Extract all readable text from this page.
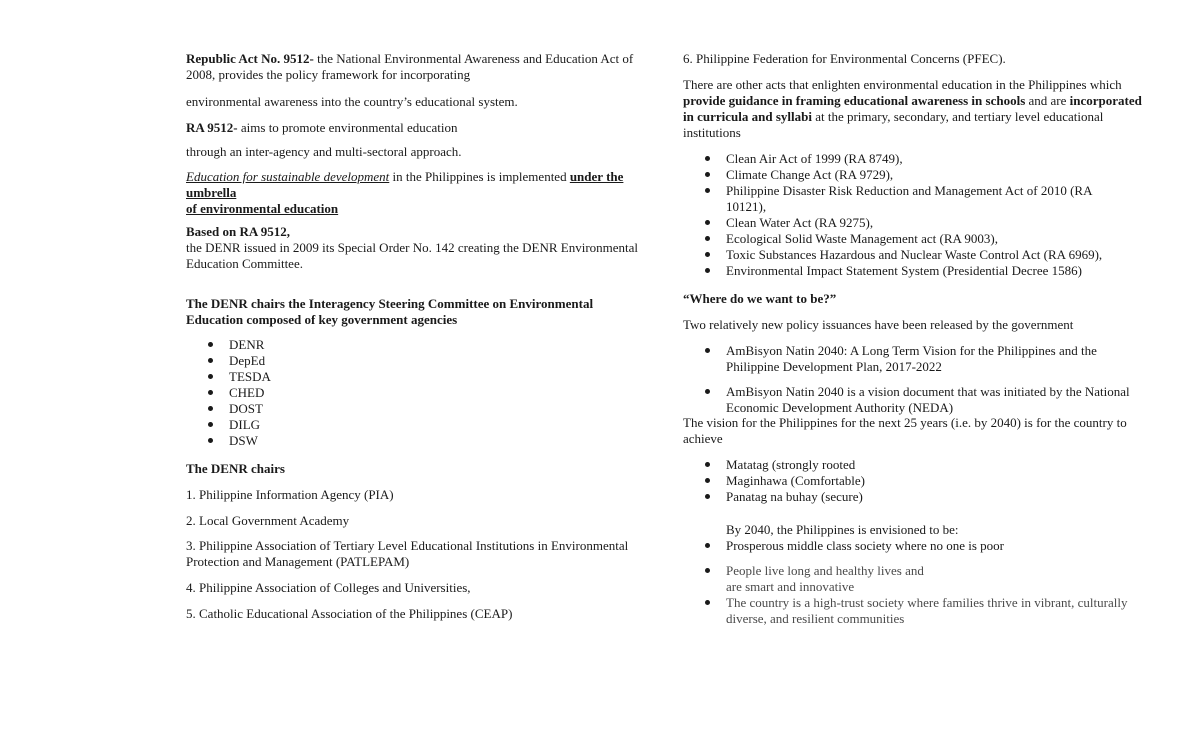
Republic Act No. 9512- the National Environmental Awareness and Education Act of 2008, provides the policy framework for incorporating

environmental awareness into the country’s educational system.

RA 9512- aims to promote environmental education

through an inter-agency and multi-sectoral approach.

Education for sustainable development in the Philippines is implemented under the umbrella
of environmental education

Based on RA 9512,
the DENR issued in 2009 its Special Order No. 142 creating the DENR Environmental Education Committee.

The DENR chairs the Interagency Steering Committee on Environmental Education composed of key government agencies

DENR
DepEd
TESDA
CHED
DOST
DILG
DSW

The DENR chairs

1. Philippine Information Agency (PIA)

2. Local Government Academy

3. Philippine Association of Tertiary Level Educational Institutions in Environmental Protection and Management (PATLEPAM)

4. Philippine Association of Colleges and Universities,

5. Catholic Educational Association of the Philippines (CEAP)

6. Philippine Federation for Environmental Concerns (PFEC).

There are other acts that enlighten environmental education in the Philippines which provide guidance in framing educational awareness in schools and are incorporated in curricula and syllabi at the primary, secondary, and tertiary level educational institutions

Clean Air Act of 1999 (RA 8749),
Climate Change Act (RA 9729),
Philippine Disaster Risk Reduction and Management Act of 2010 (RA 10121),
Clean Water Act (RA 9275),
Ecological Solid Waste Management act (RA 9003),
Toxic Substances Hazardous and Nuclear Waste Control Act (RA 6969),
Environmental Impact Statement System (Presidential Decree 1586)

“Where do we want to be?”

Two relatively new policy issuances have been released by the government

AmBisyon Natin 2040: A Long Term Vision for the Philippines and the Philippine Development Plan, 2017-2022
AmBisyon Natin 2040 is a vision document that was initiated by the National Economic Development Authority (NEDA)

The vision for the Philippines for the next 25 years (i.e. by 2040) is for the country to achieve

Matatag (strongly rooted
Maginhawa (Comfortable)
Panatag na buhay (secure)

By 2040, the Philippines is envisioned to be:

Prosperous middle class society where no one is poor
People live long and healthy lives and
are smart and innovative
The country is a high-trust society where families thrive in vibrant, culturally diverse, and resilient communities
